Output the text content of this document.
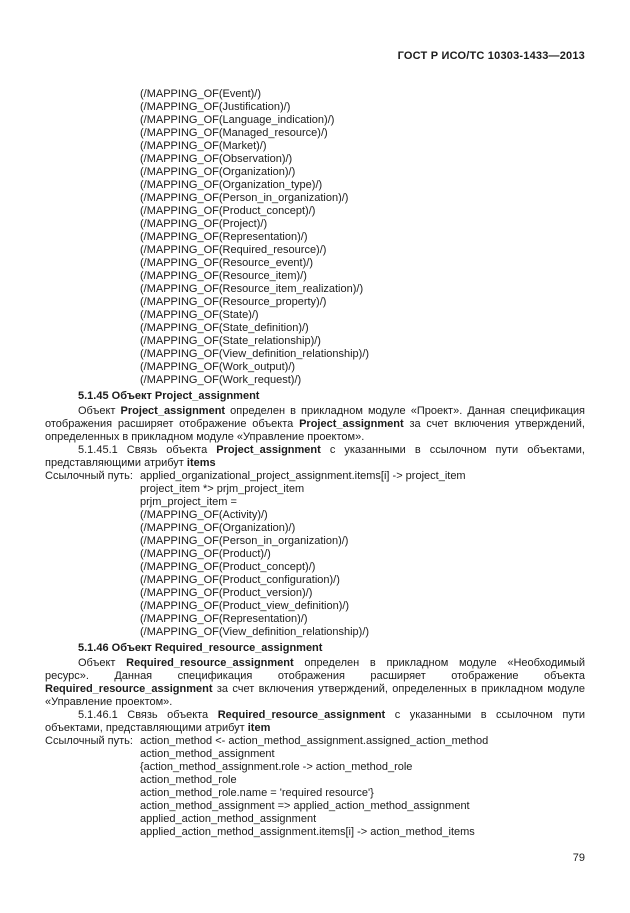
ГОСТ Р ИСО/ТС 10303-1433—2013
(/MAPPING_OF(Event)/)
(/MAPPING_OF(Justification)/)
(/MAPPING_OF(Language_indication)/)
(/MAPPING_OF(Managed_resource)/)
(/MAPPING_OF(Market)/)
(/MAPPING_OF(Observation)/)
(/MAPPING_OF(Organization)/)
(/MAPPING_OF(Organization_type)/)
(/MAPPING_OF(Person_in_organization)/)
(/MAPPING_OF(Product_concept)/)
(/MAPPING_OF(Project)/)
(/MAPPING_OF(Representation)/)
(/MAPPING_OF(Required_resource)/)
(/MAPPING_OF(Resource_event)/)
(/MAPPING_OF(Resource_item)/)
(/MAPPING_OF(Resource_item_realization)/)
(/MAPPING_OF(Resource_property)/)
(/MAPPING_OF(State)/)
(/MAPPING_OF(State_definition)/)
(/MAPPING_OF(State_relationship)/)
(/MAPPING_OF(View_definition_relationship)/)
(/MAPPING_OF(Work_output)/)
(/MAPPING_OF(Work_request)/)

5.1.45 Объект Project_assignment

Объект Project_assignment определен в прикладном модуле «Проект». Данная спецификация отображения расширяет отображение объекта Project_assignment за счет включения утверждений, определенных в прикладном модуле «Управление проектом».

5.1.45.1 Связь объекта Project_assignment с указанными в ссылочном пути объектами, представляющими атрибут items

Ссылочный путь: applied_organizational_project_assignment.items[i] -> project_item
project_item *> prjm_project_item
prjm_project_item =
(/MAPPING_OF(Activity)/)
(/MAPPING_OF(Organization)/)
(/MAPPING_OF(Person_in_organization)/)
(/MAPPING_OF(Product)/)
(/MAPPING_OF(Product_concept)/)
(/MAPPING_OF(Product_configuration)/)
(/MAPPING_OF(Product_version)/)
(/MAPPING_OF(Product_view_definition)/)
(/MAPPING_OF(Representation)/)
(/MAPPING_OF(View_definition_relationship)/)

5.1.46 Объект Required_resource_assignment

Объект Required_resource_assignment определен в прикладном модуле «Необходимый ресурс». Данная спецификация отображения расширяет отображение объекта Required_resource_assignment за счет включения утверждений, определенных в прикладном модуле «Управление проектом».

5.1.46.1 Связь объекта Required_resource_assignment с указанными в ссылочном пути объектами, представляющими атрибут item

Ссылочный путь: action_method <- action_method_assignment.assigned_action_method
action_method_assignment
{action_method_assignment.role -> action_method_role
action_method_role
action_method_role.name = 'required resource'}
action_method_assignment => applied_action_method_assignment
applied_action_method_assignment
applied_action_method_assignment.items[i] -> action_method_items
79
